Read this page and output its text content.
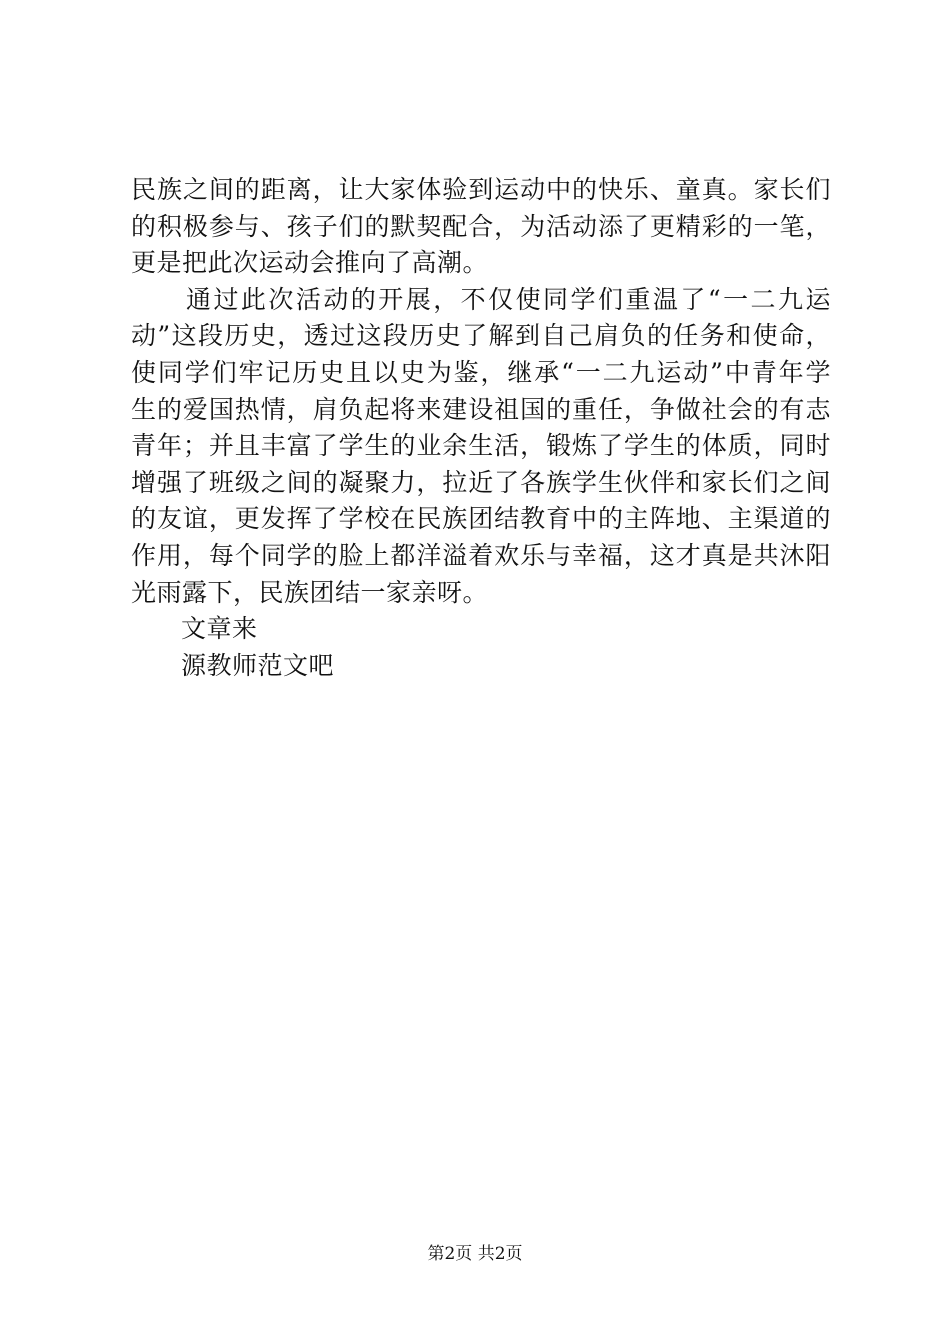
民族之间的距离，让大家体验到运动中的快乐、童真。家长们
的积极参与、孩子们的默契配合，为活动添了更精彩的一笔，
更是把此次运动会推向了高潮。
通过此次活动的开展，不仅使同学们重温了“一二九运
动”这段历史，透过这段历史了解到自己肩负的任务和使命，
使同学们牢记历史且以史为鉴，继承“一二九运动”中青年学
生的爱国热情，肩负起将来建设祖国的重任，争做社会的有志
青年；并且丰富了学生的业余生活，锻炼了学生的体质，同时
增强了班级之间的凝聚力，拉近了各族学生伙伴和家长们之间
的友谊，更发挥了学校在民族团结教育中的主阵地、主渠道的
作用，每个同学的脸上都洋溢着欢乐与幸福，这才真是共沐阳
光雨露下，民族团结一家亲呀。
文章来
源教师范文吧
第2页 共2页
